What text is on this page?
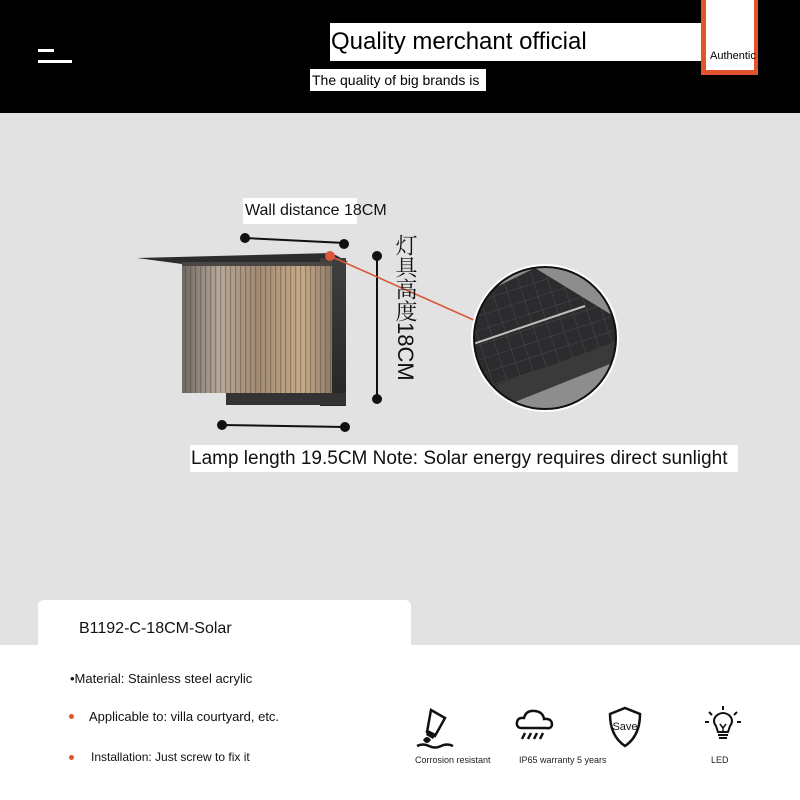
Quality merchant official
The quality of big brands is
Authentic
Wall distance 18CM
灯具高度18CM
Lamp length 19.5CM Note: Solar energy requires direct sunlight
B1192-C-18CM-Solar
•Material: Stainless steel acrylic
Applicable to: villa courtyard, etc.
Installation: Just screw to fix it	Corrosion resistant	IP65 warranty 5 years
Save
LED
